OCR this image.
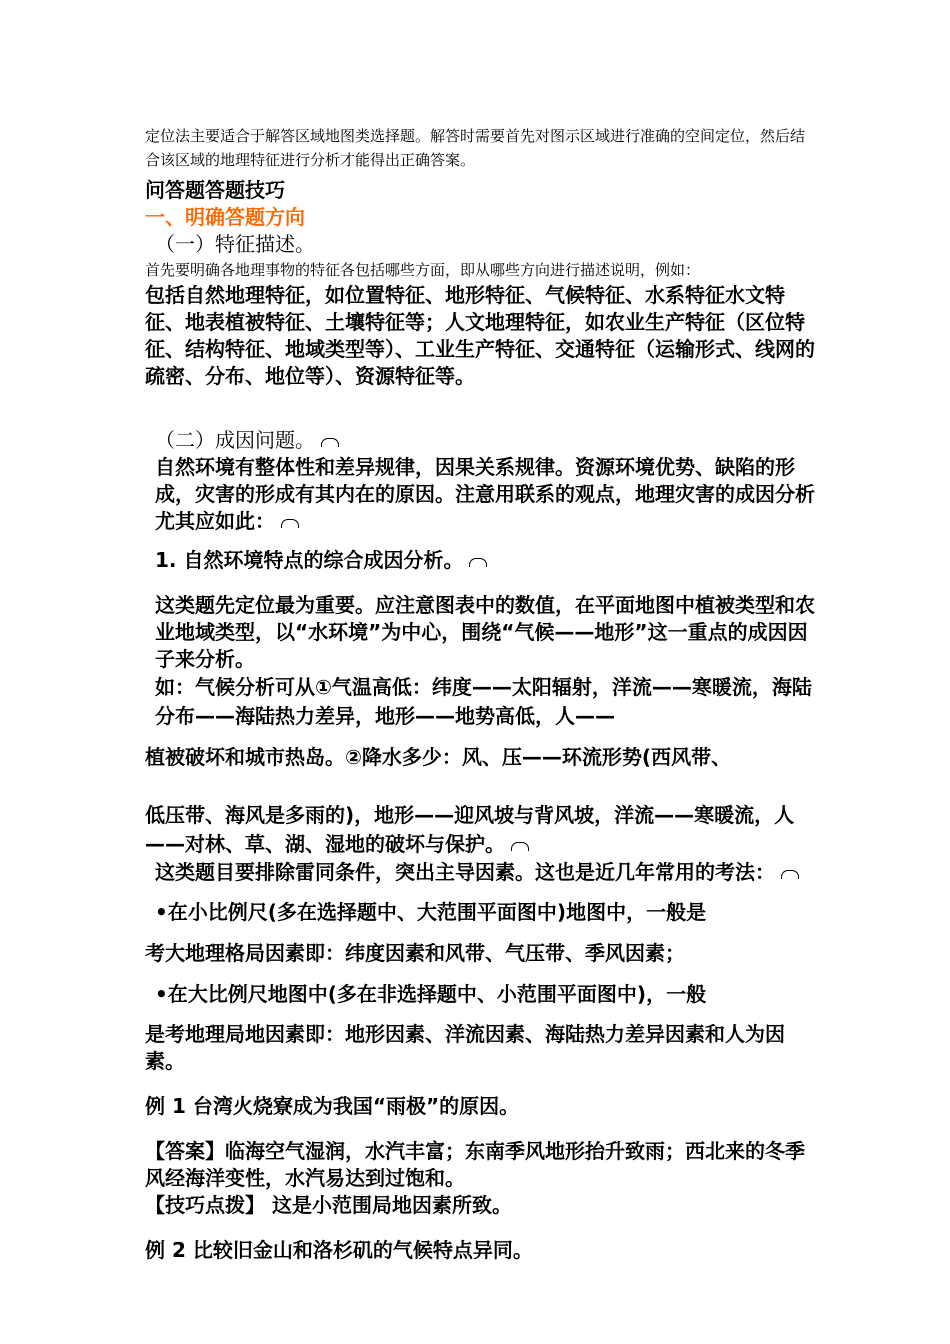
定位法主要适合于解答区域地图类选择题。解答时需要首先对图示区域进行准确的空间定位，然后结合该区域的地理特征进行分析才能得出正确答案。

问答题答题技巧

一、明确答题方向

（一）特征描述。

首先要明确各地理事物的特征各包括哪些方面，即从哪些方向进行描述说明，例如：

包括自然地理特征，如位置特征、地形特征、气候特征、水系特征水文特征、地表植被特征、土壤特征等；人文地理特征，如农业生产特征（区位特征、结构特征、地域类型等）、工业生产特征、交通特征（运输形式、线网的疏密、分布、地位等）、资源特征等。

（二）成因问题。

自然环境有整体性和差异规律，因果关系规律。资源环境优势、缺陷的形成，灾害的形成有其内在的原因。注意用联系的观点，地理灾害的成因分析尤其应如此：

1. 自然环境特点的综合成因分析。

这类题先定位最为重要。应注意图表中的数值，在平面地图中植被类型和农业地域类型，以“水环境”为中心，围绕“气候——地形”这一重点的成因因子来分析。

如：气候分析可从①气温高低：纬度——太阳辐射，洋流——寒暖流，海陆分布——海陆热力差异，地形——地势高低，人——

植被破坏和城市热岛。②降水多少：风、压——环流形势(西风带、

低压带、海风是多雨的)，地形——迎风坡与背风坡，洋流——寒暖流，人——对林、草、湖、湿地的破坏与保护。

这类题目要排除雷同条件，突出主导因素。这也是近几年常用的考法：

•在小比例尺(多在选择题中、大范围平面图中)地图中，一般是

考大地理格局因素即：纬度因素和风带、气压带、季风因素；

•在大比例尺地图中(多在非选择题中、小范围平面图中)，一般

是考地理局地因素即：地形因素、洋流因素、海陆热力差异因素和人为因素。

例 1 台湾火烧寮成为我国“雨极”的原因。

【答案】临海空气湿润，水汽丰富；东南季风地形抬升致雨；西北来的冬季风经海洋变性，水汽易达到过饱和。

【技巧点拨】 这是小范围局地因素所致。

例 2 比较旧金山和洛杉矶的气候特点异同。
